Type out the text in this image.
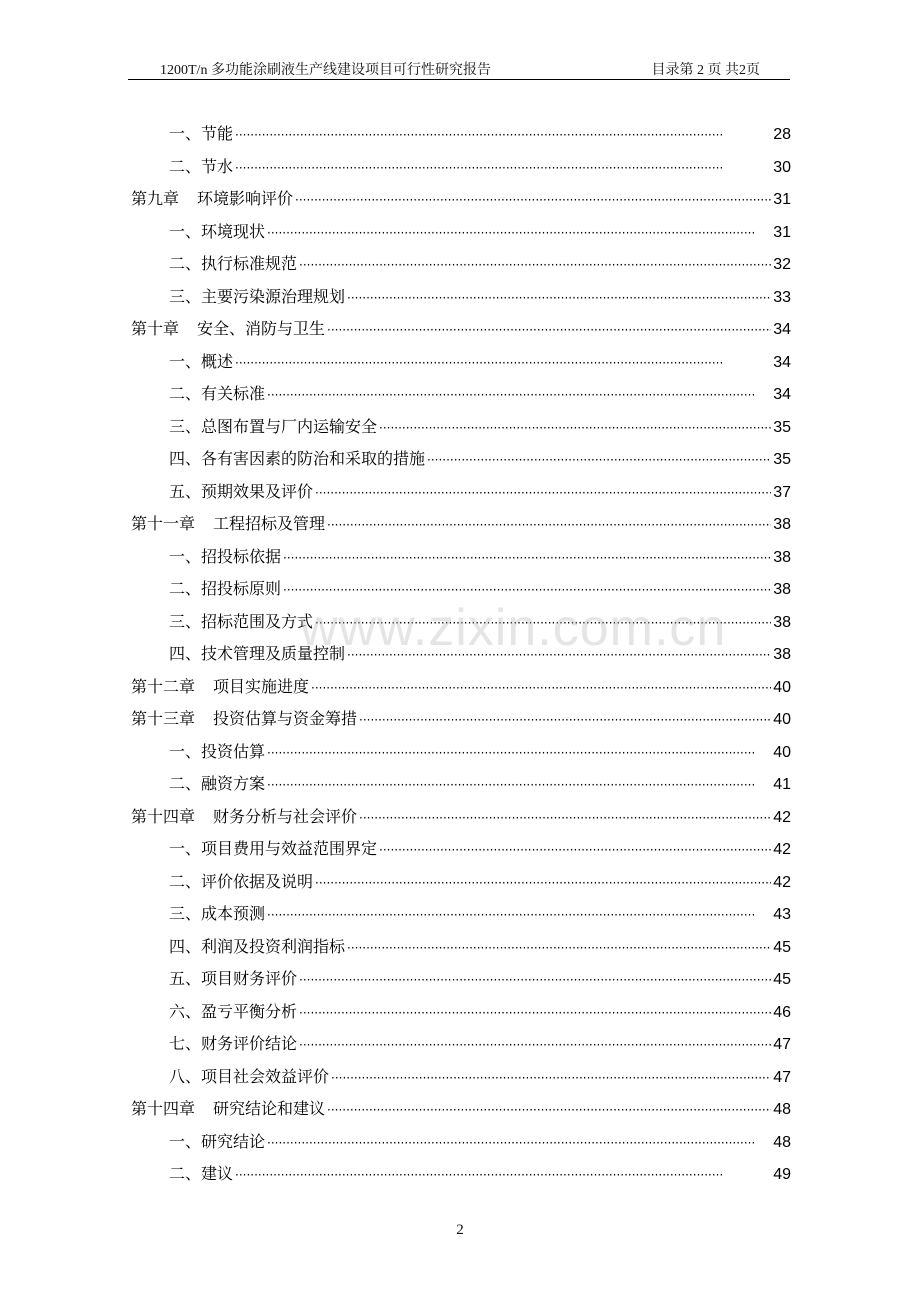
1200T/n 多功能涂刷液生产线建设项目可行性研究报告	目录第 2 页 共2页
一、节能 ·····	28
二、节水 ·····	30
第九章 环境影响评价 ·····	31
一、环境现状 ·····	31
二、执行标准规范 ·····	32
三、主要污染源治理规划 ·····	33
第十章 安全、消防与卫生 ·····	34
一、概述 ·····	34
二、有关标准 ·····	34
三、总图布置与厂内运输安全 ·····	35
四、各有害因素的防治和采取的措施 ·····	35
五、预期效果及评价 ·····	37
第十一章 工程招标及管理 ·····	38
一、招投标依据 ·····	38
二、招投标原则 ·····	38
三、招标范围及方式 ·····	38
四、技术管理及质量控制 ·····	38
第十二章 项目实施进度 ·····	40
第十三章 投资估算与资金筹措 ·····	40
一、投资估算 ·····	40
二、融资方案 ·····	41
第十四章 财务分析与社会评价 ·····	42
一、项目费用与效益范围界定 ·····	42
二、评价依据及说明 ·····	42
三、成本预测 ·····	43
四、利润及投资利润指标 ·····	45
五、项目财务评价 ·····	45
六、盈亏平衡分析 ·····	46
七、财务评价结论 ·····	47
八、项目社会效益评价 ·····	47
第十四章 研究结论和建议 ·····	48
一、研究结论 ·····	48
二、建议 ·····	49
www.zixin.com.cn
2
